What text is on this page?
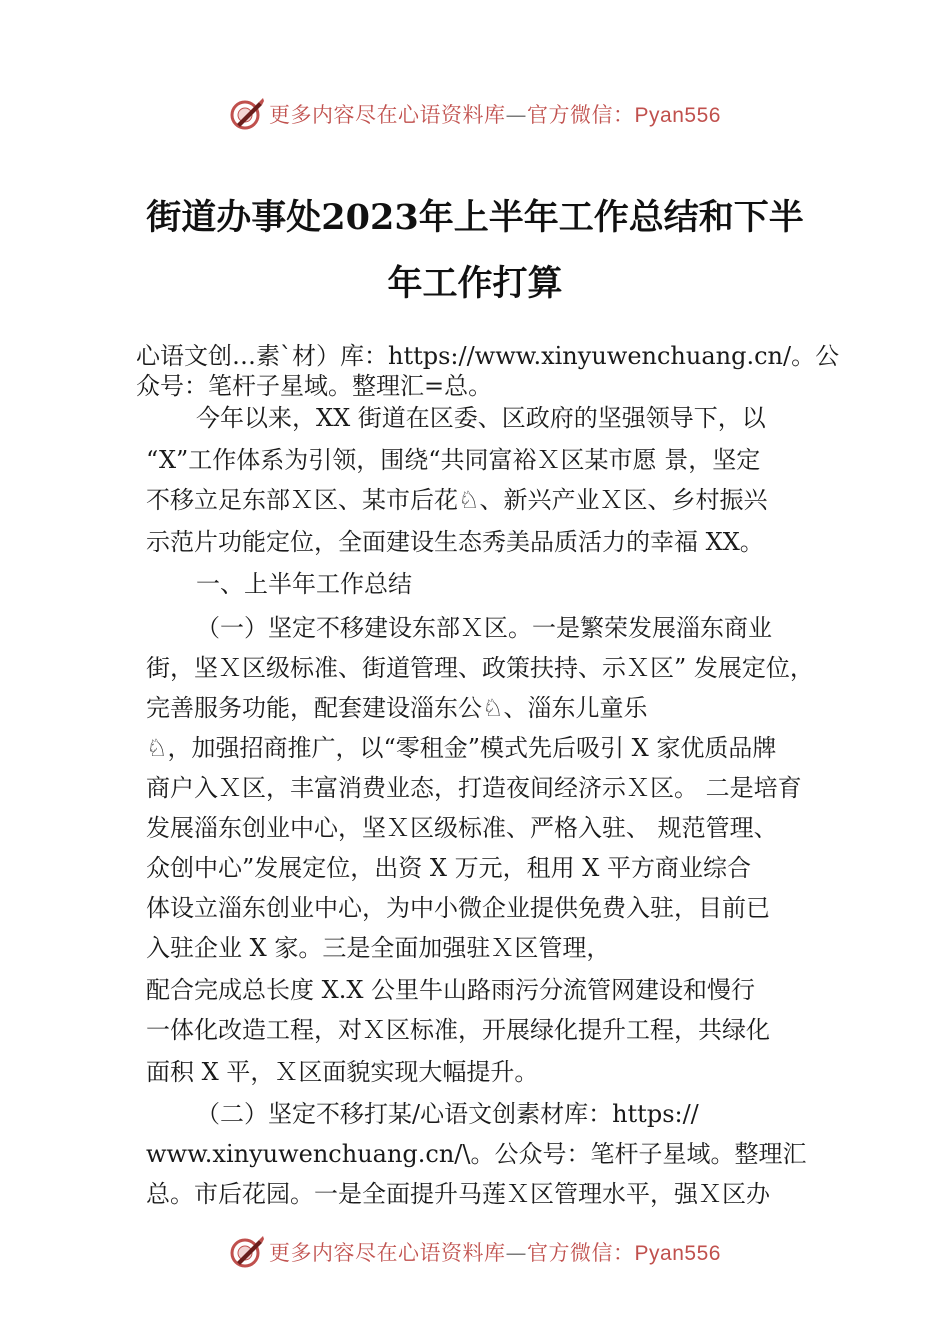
更多内容尽在心语资料库—官方微信：Pyan556
街道办事处2023年上半年工作总结和下半
年工作打算
心语文创…素`材）库：https://www.xinyuwenchuang.cn/。公
众号：笔杆子星域。整理汇=总。
今年以来，XX 街道在区委、区政府的坚强领导下，以
“X”工作体系为引领，围绕“共同富裕Ｘ区某市愿 景，坚定
不移立足东部Ｘ区、某市后花♘、新兴产业Ｘ区、乡村振兴
示范片功能定位，全面建设生态秀美品质活力的幸福 XX。
一、上半年工作总结
（一）坚定不移建设东部Ｘ区。一是繁荣发展淄东商业
街，坚Ｘ区级标准、街道管理、政策扶持、示Ｘ区” 发展定位，
完善服务功能，配套建设淄东公♘、淄东儿童乐
♘，加强招商推广，以“零租金”模式先后吸引 X 家优质品牌
商户入Ｘ区，丰富消费业态，打造夜间经济示Ｘ区。 二是培育
发展淄东创业中心，坚Ｘ区级标准、严格入驻、 规范管理、
众创中心”发展定位，出资 X 万元，租用 X 平方商业综合
体设立淄东创业中心，为中小微企业提供免费入驻，目前已
入驻企业 X 家。三是全面加强驻Ｘ区管理，
配合完成总长度 X.X 公里牛山路雨污分流管网建设和慢行
一体化改造工程，对Ｘ区标准，开展绿化提升工程，共绿化
面积 X 平，Ｘ区面貌实现大幅提升。
（二）坚定不移打某/心语文创素材库：https://
www.xinyuwenchuang.cn/\。公众号：笔杆子星域。整理汇
总。市后花园。一是全面提升马莲Ｘ区管理水平，强Ｘ区办
更多内容尽在心语资料库—官方微信：Pyan556
